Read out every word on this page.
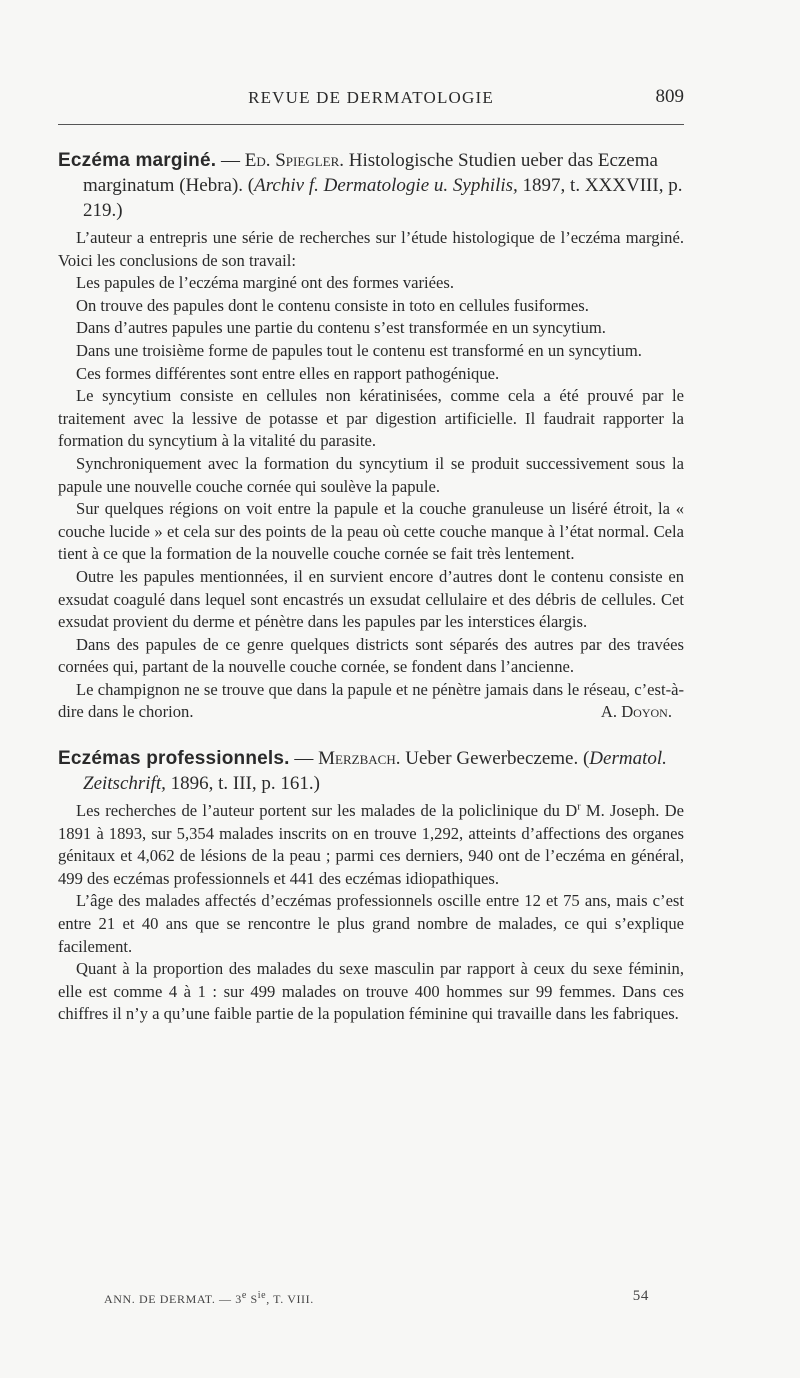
REVUE DE DERMATOLOGIE	809
Eczéma marginé. — Ed. Spiegler. Histologische Studien ueber das Eczema marginatum (Hebra). (Archiv f. Dermatologie u. Syphilis, 1897, t. XXXVIII, p. 219.)

L’auteur a entrepris une série de recherches sur l’étude histologique de l’eczéma marginé. Voici les conclusions de son travail:

Les papules de l’eczéma marginé ont des formes variées.

On trouve des papules dont le contenu consiste in toto en cellules fusiformes.

Dans d’autres papules une partie du contenu s’est transformée en un syncytium.

Dans une troisième forme de papules tout le contenu est transformé en un syncytium.

Ces formes différentes sont entre elles en rapport pathogénique.

Le syncytium consiste en cellules non kératinisées, comme cela a été prouvé par le traitement avec la lessive de potasse et par digestion artificielle. Il faudrait rapporter la formation du syncytium à la vitalité du parasite.

Synchroniquement avec la formation du syncytium il se produit successivement sous la papule une nouvelle couche cornée qui soulève la papule.

Sur quelques régions on voit entre la papule et la couche granuleuse un liséré étroit, la « couche lucide » et cela sur des points de la peau où cette couche manque à l’état normal. Cela tient à ce que la formation de la nouvelle couche cornée se fait très lentement.

Outre les papules mentionnées, il en survient encore d’autres dont le contenu consiste en exsudat coagulé dans lequel sont encastrés un exsudat cellulaire et des débris de cellules. Cet exsudat provient du derme et pénètre dans les papules par les interstices élargis.

Dans des papules de ce genre quelques districts sont séparés des autres par des travées cornées qui, partant de la nouvelle couche cornée, se fondent dans l’ancienne.

Le champignon ne se trouve que dans la papule et ne pénètre jamais dans le réseau, c’est-à-dire dans le chorion.	A. Doyon.

Eczémas professionnels. — Merzbach. Ueber Gewerbeczeme. (Dermatol. Zeitschrift, 1896, t. III, p. 161.)

Les recherches de l’auteur portent sur les malades de la policlinique du $D^r$ M. Joseph. De 1891 à 1893, sur 5,354 malades inscrits on en trouve 1,292, atteints d’affections des organes génitaux et 4,062 de lésions de la peau ; parmi ces derniers, 940 ont de l’eczéma en général, 499 des eczémas professionnels et 441 des eczémas idiopathiques.

L’âge des malades affectés d’eczémas professionnels oscille entre 12 et 75 ans, mais c’est entre 21 et 40 ans que se rencontre le plus grand nombre de malades, ce qui s’explique facilement.

Quant à la proportion des malades du sexe masculin par rapport à ceux du sexe féminin, elle est comme 4 à 1 : sur 499 malades on trouve 400 hommes sur 99 femmes. Dans ces chiffres il n’y a qu’une faible partie de la population féminine qui travaille dans les fabriques.

ANN. DE DERMAT. — 3e $S^{ie}$, T. VIII.	54
